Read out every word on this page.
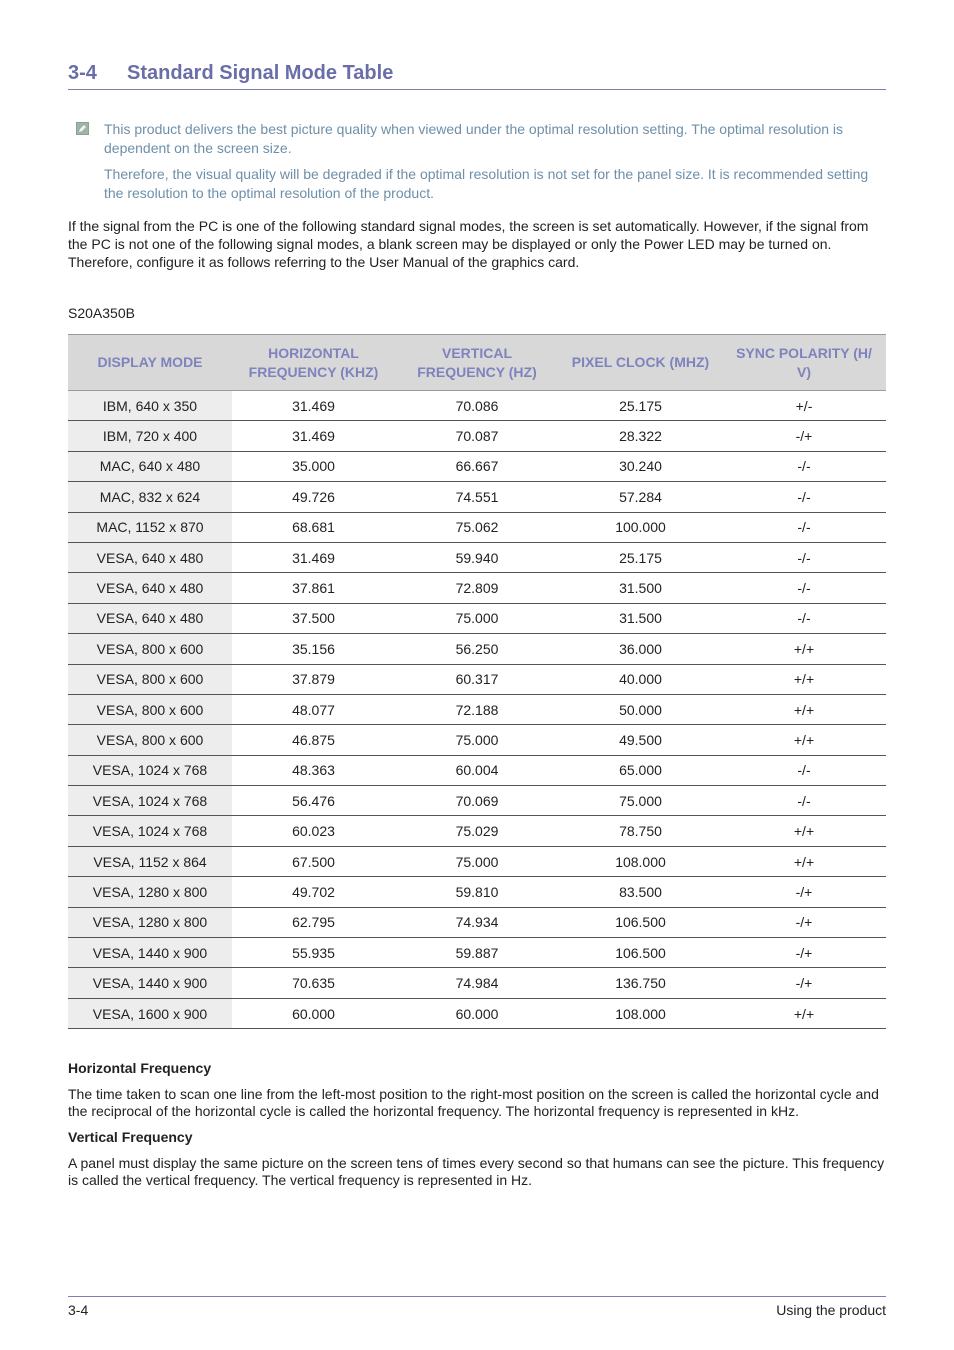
3-4 Standard Signal Mode Table

This product delivers the best picture quality when viewed under the optimal resolution setting. The optimal resolution is dependent on the screen size.

Therefore, the visual quality will be degraded if the optimal resolution is not set for the panel size. It is recommended setting the resolution to the optimal resolution of the product.

If the signal from the PC is one of the following standard signal modes, the screen is set automatically. However, if the signal from the PC is not one of the following signal modes, a blank screen may be displayed or only the Power LED may be turned on. Therefore, configure it as follows referring to the User Manual of the graphics card.

S20A350B

DISPLAY MODE	HORIZONTAL FREQUENCY (KHZ)	VERTICAL FREQUENCY (HZ)	PIXEL CLOCK (MHZ)	SYNC POLARITY (H/ V)
IBM, 640 x 350	31.469	70.086	25.175	+/-
IBM, 720 x 400	31.469	70.087	28.322	-/+
MAC, 640 x 480	35.000	66.667	30.240	-/-
MAC, 832 x 624	49.726	74.551	57.284	-/-
MAC, 1152 x 870	68.681	75.062	100.000	-/-
VESA, 640 x 480	31.469	59.940	25.175	-/-
VESA, 640 x 480	37.861	72.809	31.500	-/-
VESA, 640 x 480	37.500	75.000	31.500	-/-
VESA, 800 x 600	35.156	56.250	36.000	+/+
VESA, 800 x 600	37.879	60.317	40.000	+/+
VESA, 800 x 600	48.077	72.188	50.000	+/+
VESA, 800 x 600	46.875	75.000	49.500	+/+
VESA, 1024 x 768	48.363	60.004	65.000	-/-
VESA, 1024 x 768	56.476	70.069	75.000	-/-
VESA, 1024 x 768	60.023	75.029	78.750	+/+
VESA, 1152 x 864	67.500	75.000	108.000	+/+
VESA, 1280 x 800	49.702	59.810	83.500	-/+
VESA, 1280 x 800	62.795	74.934	106.500	-/+
VESA, 1440 x 900	55.935	59.887	106.500	-/+
VESA, 1440 x 900	70.635	74.984	136.750	-/+
VESA, 1600 x 900	60.000	60.000	108.000	+/+

Horizontal Frequency

The time taken to scan one line from the left-most position to the right-most position on the screen is called the horizontal cycle and the reciprocal of the horizontal cycle is called the horizontal frequency. The horizontal frequency is represented in kHz.

Vertical Frequency

A panel must display the same picture on the screen tens of times every second so that humans can see the picture. This frequency is called the vertical frequency. The vertical frequency is represented in Hz.

3-4	Using the product
